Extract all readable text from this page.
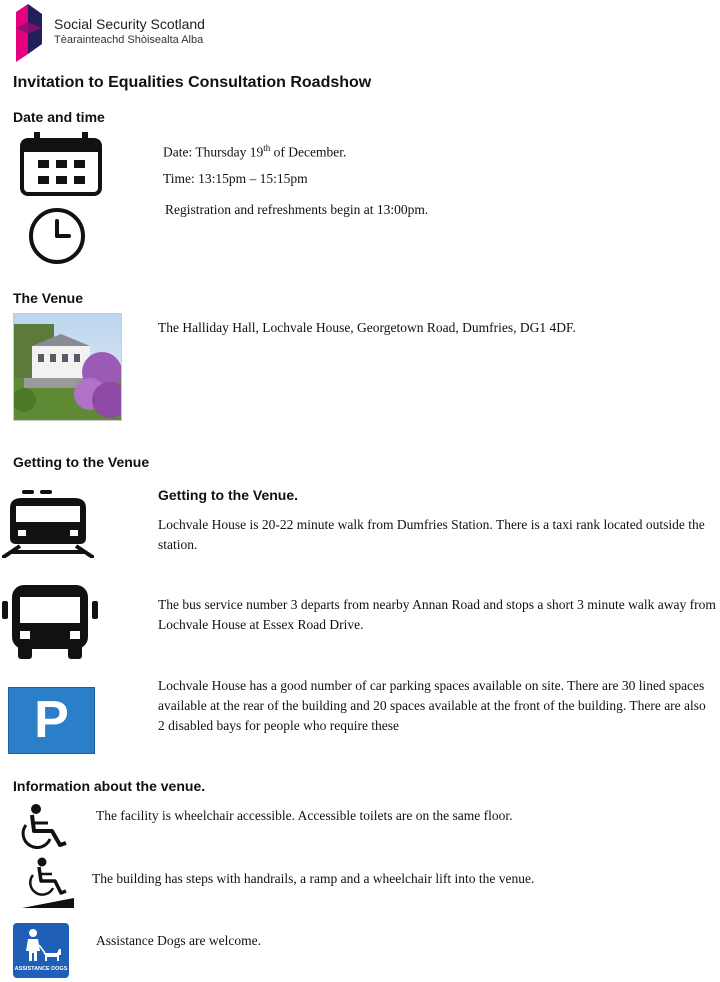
Social Security Scotland
Tèarainteachd Shòisealta Alba
Invitation to Equalities Consultation Roadshow
Date and time
Date: Thursday 19th of December.
Time: 13:15pm – 15:15pm
Registration and refreshments begin at 13:00pm.
The Venue
The Halliday Hall, Lochvale House, Georgetown Road, Dumfries, DG1 4DF.
Getting to the Venue
Getting to the Venue.
Lochvale House is 20-22 minute walk from Dumfries Station. There is a taxi rank located outside the station.
The bus service number 3 departs from nearby Annan Road and stops a short 3 minute walk away from Lochvale House at Essex Road Drive.
P
Lochvale House has a good number of car parking spaces available on site. There are 30 lined spaces available at the rear of the building and 20 spaces available at the front of the building. There are also 2 disabled bays for people who require these
Information about the venue.
The facility is wheelchair accessible. Accessible toilets are on the same floor.
The building has steps with handrails, a ramp and a wheelchair lift into the venue.
ASSISTANCE DOGS
Assistance Dogs are welcome.
